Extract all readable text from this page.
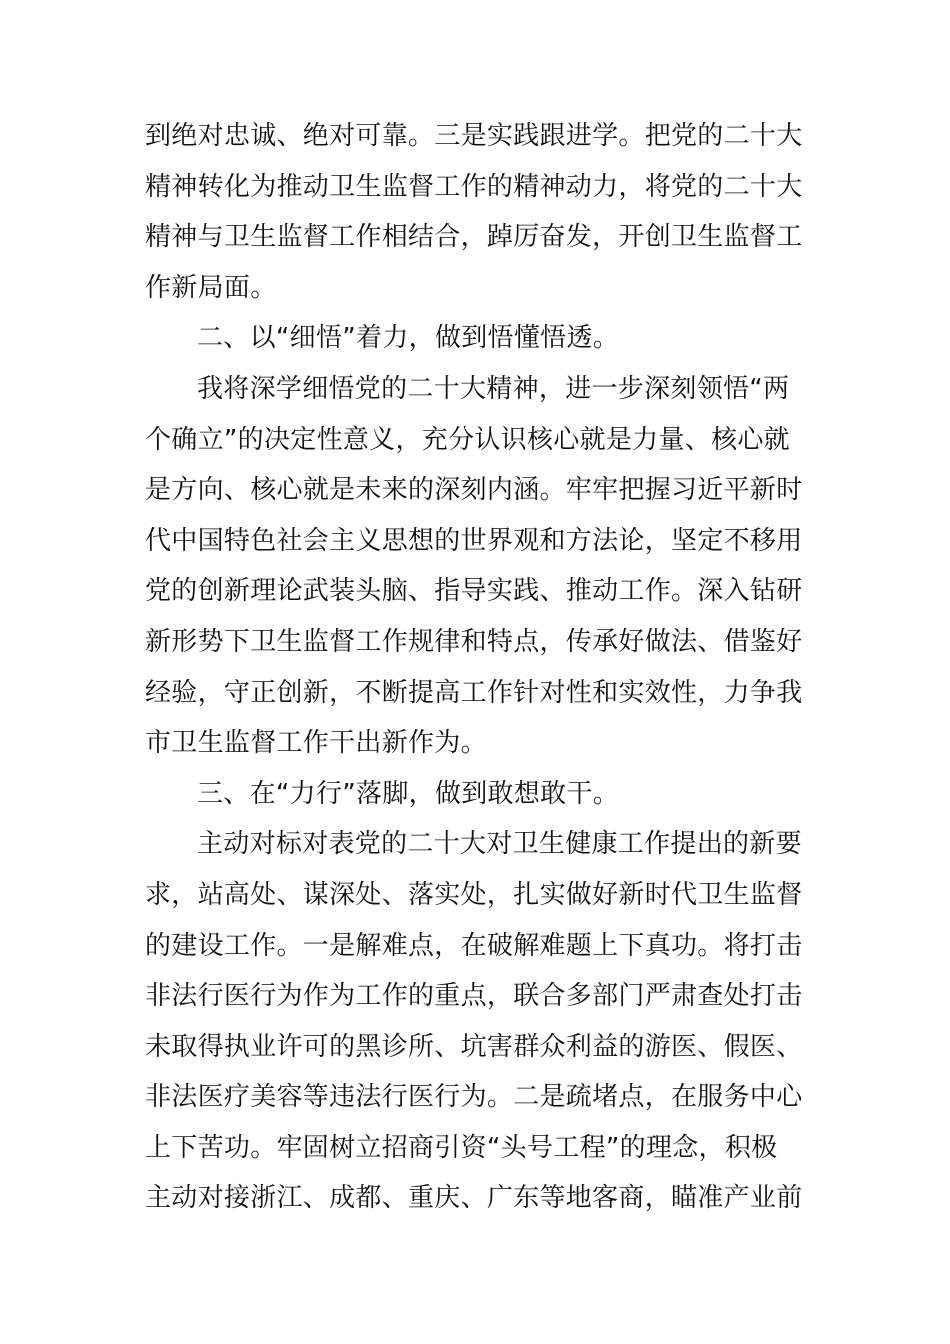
到绝对忠诚、绝对可靠。三是实践跟进学。把党的二十大
精神转化为推动卫生监督工作的精神动力，将党的二十大
精神与卫生监督工作相结合，踔厉奋发，开创卫生监督工
作新局面。
二、以“细悟”着力，做到悟懂悟透。
我将深学细悟党的二十大精神，进一步深刻领悟“两
个确立”的决定性意义，充分认识核心就是力量、核心就
是方向、核心就是未来的深刻内涵。牢牢把握习近平新时
代中国特色社会主义思想的世界观和方法论，坚定不移用
党的创新理论武装头脑、指导实践、推动工作。深入钻研
新形势下卫生监督工作规律和特点，传承好做法、借鉴好
经验，守正创新，不断提高工作针对性和实效性，力争我
市卫生监督工作干出新作为。
三、在“力行”落脚，做到敢想敢干。
主动对标对表党的二十大对卫生健康工作提出的新要
求，站高处、谋深处、落实处，扎实做好新时代卫生监督
的建设工作。一是解难点，在破解难题上下真功。将打击
非法行医行为作为工作的重点，联合多部门严肃查处打击
未取得执业许可的黑诊所、坑害群众利益的游医、假医、
非法医疗美容等违法行医行为。二是疏堵点，在服务中心
上下苦功。牢固树立招商引资“头号工程”的理念，积极
主动对接浙江、成都、重庆、广东等地客商，瞄准产业前
